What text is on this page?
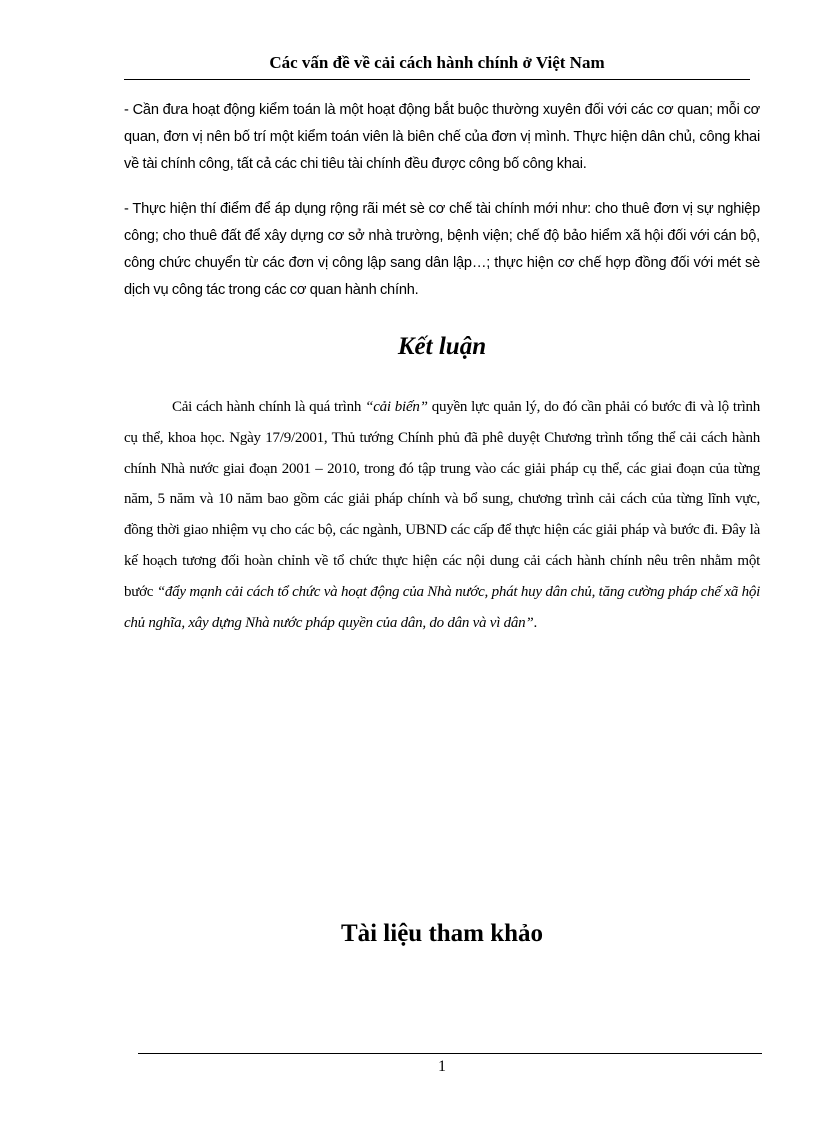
Các vấn đề về cải cách hành chính ở Việt Nam

- Cần đưa hoạt động kiểm toán là một hoạt động bắt buộc thường xuyên đối với các cơ quan; mỗi cơ quan, đơn vị nên bố trí một kiểm toán viên là biên chế của đơn vị mình. Thực hiện dân chủ, công khai về tài chính công, tất cả các chi tiêu tài chính đều được công bố công khai.

- Thực hiện thí điểm để áp dụng rộng rãi mét sè cơ chế tài chính mới như: cho thuê đơn vị sự nghiệp công; cho thuê đất để xây dựng cơ sở nhà trường, bệnh viện; chế độ bảo hiểm xã hội đối với cán bộ, công chức chuyển từ các đơn vị công lập sang dân lập…; thực hiện cơ chế hợp đồng đối với mét sè dịch vụ công tác trong các cơ quan hành chính.

Kết luận

Cải cách hành chính là quá trình “cải biến” quyền lực quản lý, do đó cần phải có bước đi và lộ trình cụ thể, khoa học. Ngày 17/9/2001, Thủ tướng Chính phủ đã phê duyệt Chương trình tổng thể cải cách hành chính Nhà nước giai đoạn 2001 – 2010, trong đó tập trung vào các giải pháp cụ thể, các giai đoạn của từng năm, 5 năm và 10 năm bao gồm các giải pháp chính và bổ sung, chương trình cải cách của từng lĩnh vực, đồng thời giao nhiệm vụ cho các bộ, các ngành, UBND các cấp để thực hiện các giải pháp và bước đi. Đây là kế hoạch tương đối hoàn chỉnh về tổ chức thực hiện các nội dung cải cách hành chính nêu trên nhằm một bước “đẩy mạnh cải cách tổ chức và hoạt động của Nhà nước, phát huy dân chủ, tăng cường pháp chế xã hội chủ nghĩa, xây dựng Nhà nước pháp quyền của dân, do dân và vì dân”.

Tài liệu tham khảo
1
